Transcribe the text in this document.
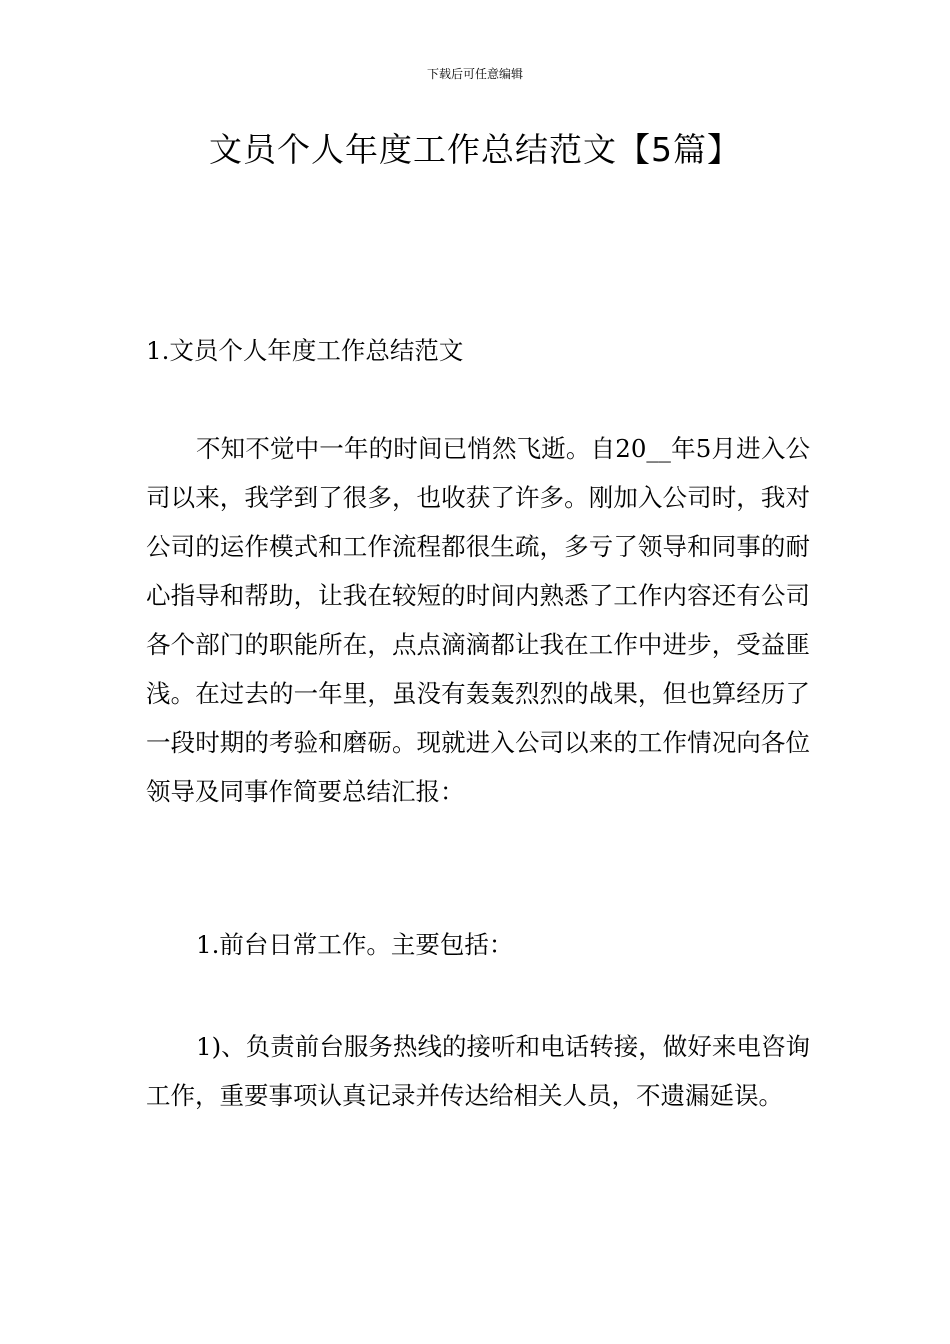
下载后可任意编辑
文员个人年度工作总结范文【5篇】

1.文员个人年度工作总结范文

不知不觉中一年的时间已悄然飞逝。自20__年5月进入公司以来，我学到了很多，也收获了许多。刚加入公司时，我对公司的运作模式和工作流程都很生疏，多亏了领导和同事的耐心指导和帮助，让我在较短的时间内熟悉了工作内容还有公司各个部门的职能所在，点点滴滴都让我在工作中进步，受益匪浅。在过去的一年里，虽没有轰轰烈烈的战果，但也算经历了一段时期的考验和磨砺。现就进入公司以来的工作情况向各位领导及同事作简要总结汇报：

1.前台日常工作。主要包括：

1)、负责前台服务热线的接听和电话转接，做好来电咨询工作，重要事项认真记录并传达给相关人员，不遗漏延误。
